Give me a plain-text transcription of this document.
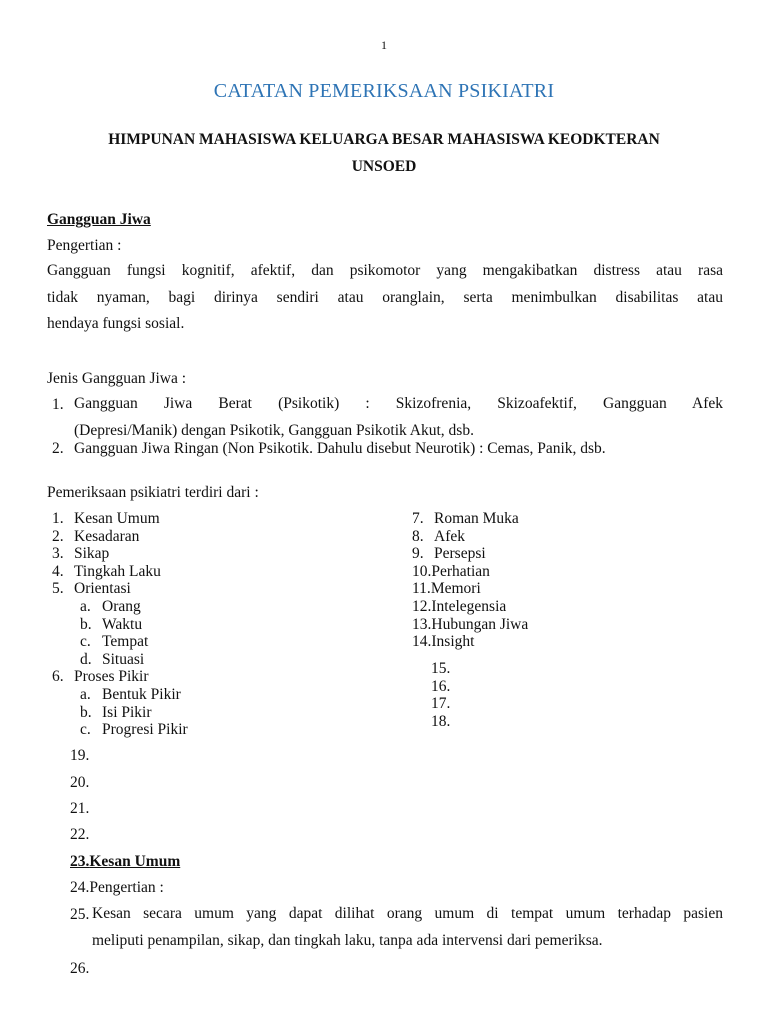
1
CATATAN PEMERIKSAAN PSIKIATRI
HIMPUNAN MAHASISWA KELUARGA BESAR MAHASISWA KEODKTERAN
UNSOED
Gangguan Jiwa
Pengertian :
Gangguan fungsi kognitif, afektif, dan psikomotor yang mengakibatkan distress atau rasa
tidak nyaman, bagi dirinya sendiri atau oranglain, serta menimbulkan disabilitas atau
hendaya fungsi sosial.
Jenis Gangguan Jiwa :
1. Gangguan Jiwa Berat (Psikotik) : Skizofrenia, Skizoafektif, Gangguan Afek
(Depresi/Manik) dengan Psikotik, Gangguan Psikotik Akut, dsb.
2. Gangguan Jiwa Ringan (Non Psikotik. Dahulu disebut Neurotik) : Cemas, Panik, dsb.
Pemeriksaan psikiatri terdiri dari :
1. Kesan Umum
2. Kesadaran
3. Sikap
4. Tingkah Laku
5. Orientasi
a. Orang
b. Waktu
c. Tempat
d. Situasi
6. Proses Pikir
a. Bentuk Pikir
b. Isi Pikir
c. Progresi Pikir
7. Roman Muka
8. Afek
9. Persepsi
10.Perhatian
11.Memori
12.Intelegensia
13.Hubungan Jiwa
14.Insight
15.
16.
17.
18.
19.
20.
21.
22.
23.Kesan Umum
24.Pengertian :
25. Kesan secara umum yang dapat dilihat orang umum di tempat umum terhadap pasien
meliputi penampilan, sikap, dan tingkah laku, tanpa ada intervensi dari pemeriksa.
26.
